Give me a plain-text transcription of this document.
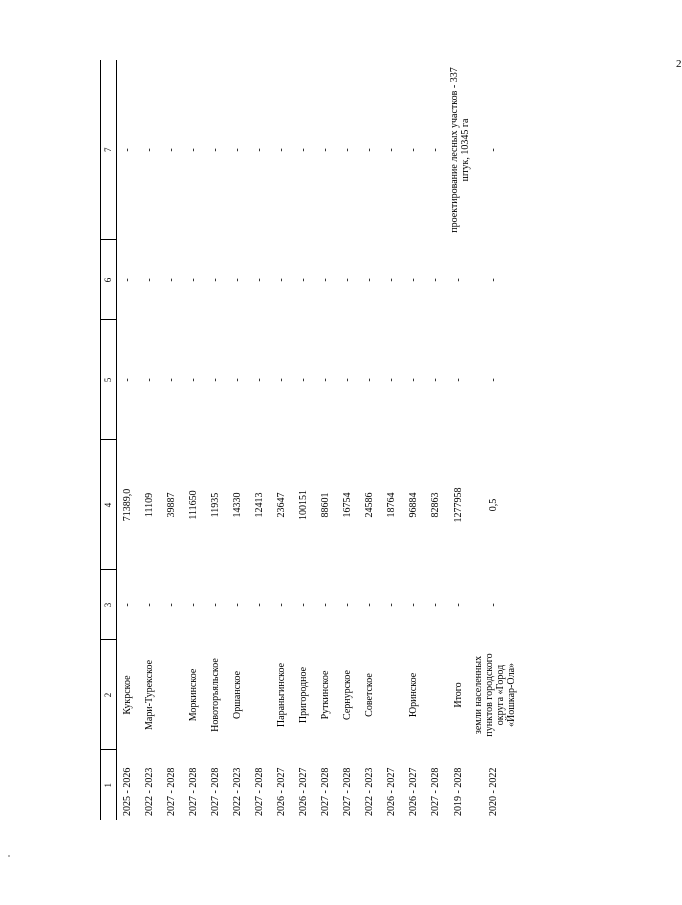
2
1	2	3	4	5	6	7
2025 - 2026	Кукрское	-	71389,0	-	-	-
2022 - 2023	Мари-Турекское	-	11109	-	-	-
2027 - 2028		-	39887	-	-	-
2027 - 2028	Моркинское	-	111650	-	-	-
2027 - 2028	Новоторъяльское	-	11935	-	-	-
2022 - 2023	Оршанское	-	14330	-	-	-
2027 - 2028		-	12413	-	-	-
2026 - 2027	Параньгинское	-	23647	-	-	-
2026 - 2027	Пригородное	-	100151	-	-	-
2027 - 2028	Руткинское	-	88601	-	-	-
2027 - 2028	Сернурское	-	16754	-	-	-
2022 - 2023	Советское	-	24586	-	-	-
2026 - 2027		-	18764	-	-	-
2026 - 2027	Юринское	-	96884	-	-	-
2027 - 2028		-	82863	-	-	-
2019 - 2028	Итого	-	1277958	-	-	проектирование лесных участков - 337 штук, 10345 га
2020 - 2022	земли населенных пунктов городского округа «Город «Йошкар-Ола»	-	0,5	-	-	-
